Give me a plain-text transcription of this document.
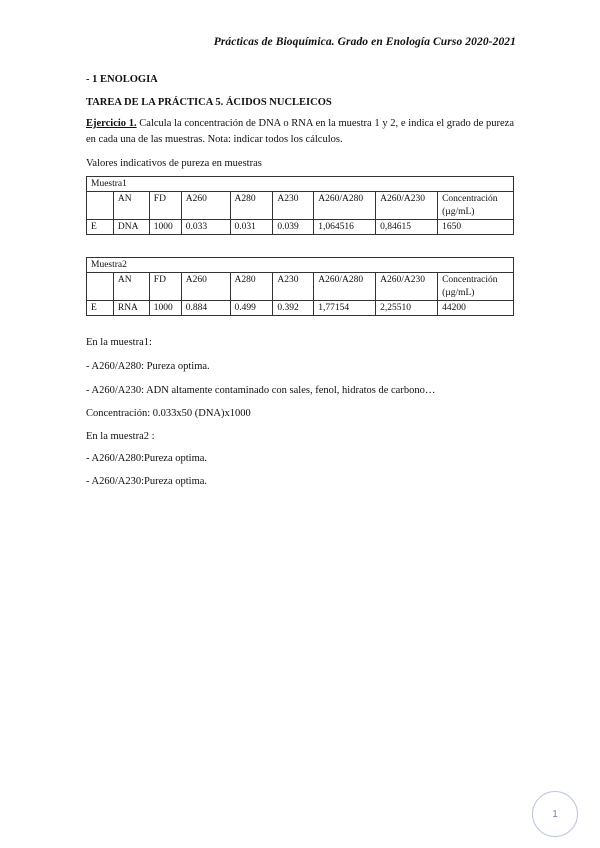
Prácticas de Bioquímica. Grado en Enología Curso 2020-2021
- 1 ENOLOGIA
TAREA DE LA PRÁCTICA 5. ÁCIDOS NUCLEICOS
Ejercicio 1. Calcula la concentración de DNA o RNA en la muestra 1 y 2, e indica el grado de pureza en cada una de las muestras. Nota: indicar todos los cálculos.
Valores indicativos de pureza en muestras
Muestra1								
	AN	FD	A260	A280	A230	A260/A280	A260/A230	Concentración (µg/mL)
E	DNA	1000	0.033	0.031	0.039	1,064516	0,84615	1650
Muestra2								
	AN	FD	A260	A280	A230	A260/A280	A260/A230	Concentración (µg/mL)
E	RNA	1000	0.884	0.499	0.392	1,77154	2,25510	44200
En la muestra1:
- A260/A280: Pureza optima.
- A260/A230: ADN altamente contaminado con sales, fenol, hidratos de carbono…
Concentración: 0.033x50 (DNA)x1000
En la muestra2 :
- A260/A280:Pureza optima.
- A260/A230:Pureza optima.
1
